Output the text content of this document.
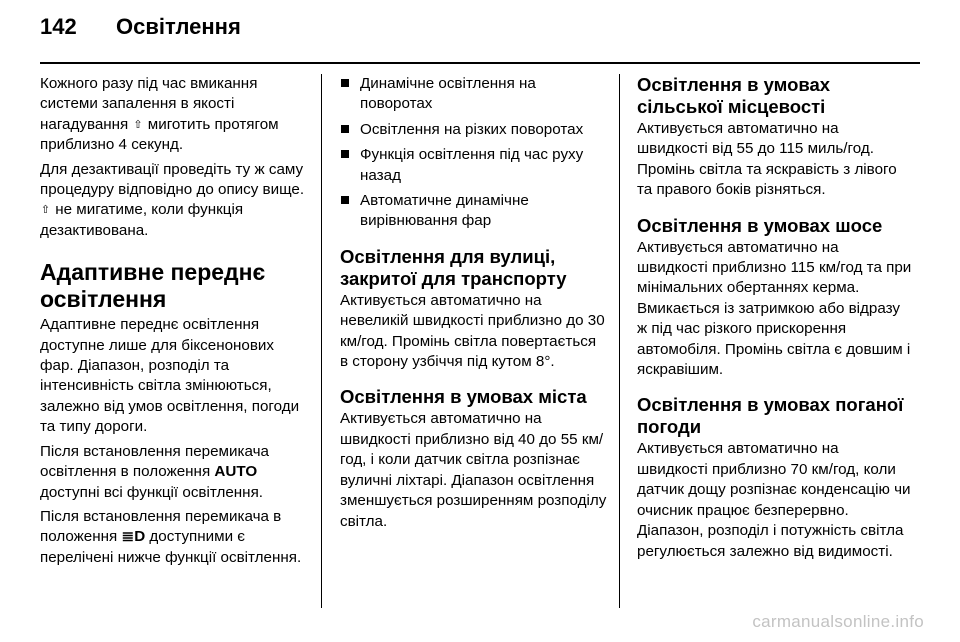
142 Освітлення

Кожного разу під час вмикання системи запалення в якості нагадування ⇧ миготить протягом приблизно 4 секунд.

Для дезактивації проведіть ту ж саму процедуру відповідно до опису вище. ⇧ не мигатиме, коли функція дезактивована.

Адаптивне переднє освітлення

Адаптивне переднє освітлення доступне лише для біксенонових фар. Діапазон, розподіл та інтенсивність світла змінюються, залежно від умов освітлення, погоди та типу дороги.

Після встановлення перемикача освітлення в положення AUTO доступні всі функції освітлення.

Після встановлення перемикача в положення ≣D доступними є перелічені нижче функції освітлення.

Динамічне освітлення на поворотах
Освітлення на різких поворотах
Функція освітлення під час руху назад
Автоматичне динамічне вирівнювання фар
Освітлення для вулиці, закритої для транспорту

Активується автоматично на невеликій швидкості приблизно до 30 км/год. Промінь світла повертається в сторону узбіччя під кутом 8°.

Освітлення в умовах міста

Активується автоматично на швидкості приблизно від 40 до 55 км/год, і коли датчик світла розпізнає вуличні ліхтарі. Діапазон освітлення зменшується розширенням розподілу світла.

Освітлення в умовах сільської місцевості

Активується автоматично на швидкості від 55 до 115 миль/год. Промінь світла та яскравість з лівого та правого боків різняться.

Освітлення в умовах шосе

Активується автоматично на швидкості приблизно 115 км/год та при мінімальних обертаннях керма. Вмикається із затримкою або відразу ж під час різкого прискорення автомобіля. Промінь світла є довшим і яскравішим.

Освітлення в умовах поганої погоди

Активується автоматично на швидкості приблизно 70 км/год, коли датчик дощу розпізнає конденсацію чи очисник працює безперервно. Діапазон, розподіл і потужність світла регулюється залежно від видимості.

carmanualsonline.info
